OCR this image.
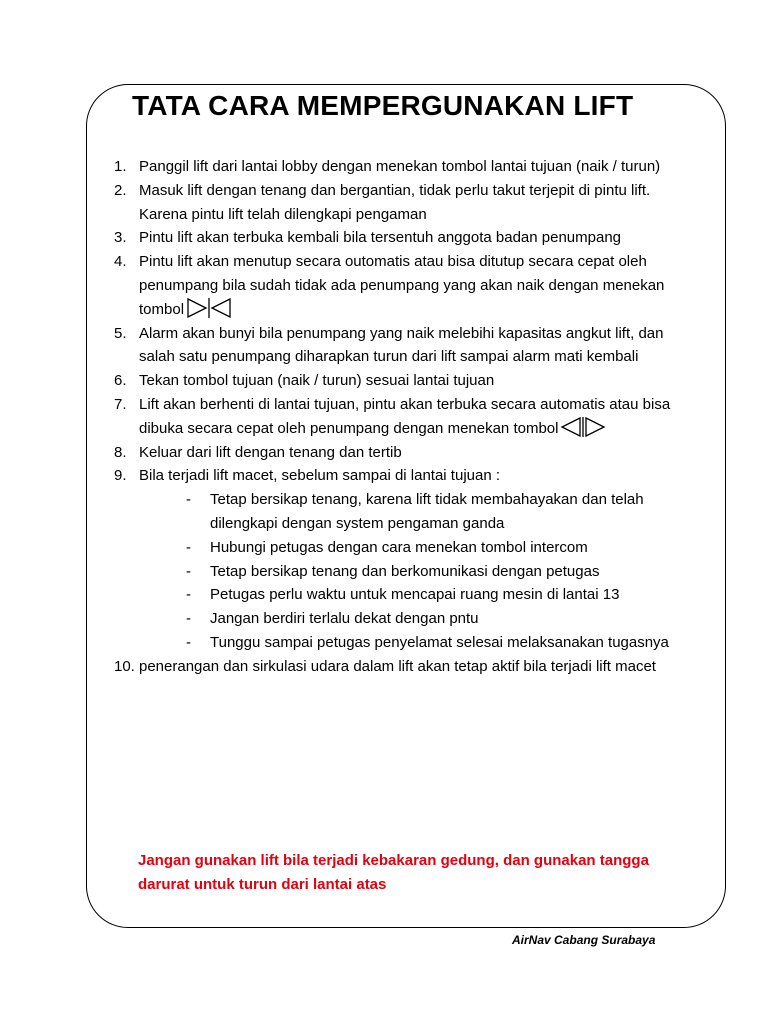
TATA CARA MEMPERGUNAKAN LIFT
1. Panggil lift dari lantai lobby dengan menekan tombol lantai tujuan (naik / turun)
2. Masuk lift dengan tenang dan bergantian, tidak perlu takut terjepit di pintu lift. Karena pintu lift telah dilengkapi pengaman
3. Pintu lift akan terbuka kembali bila tersentuh anggota badan penumpang
4. Pintu lift akan menutup secara outomatis atau bisa ditutup secara cepat oleh penumpang bila sudah tidak ada penumpang yang akan naik dengan menekan tombol
5. Alarm akan bunyi bila penumpang yang naik melebihi kapasitas angkut lift, dan salah satu penumpang diharapkan turun dari lift sampai alarm mati kembali
6. Tekan tombol tujuan (naik / turun) sesuai lantai tujuan
7. Lift akan berhenti di lantai tujuan, pintu akan terbuka secara automatis atau bisa dibuka secara cepat oleh penumpang dengan menekan tombol
8. Keluar dari lift dengan tenang dan tertib
9. Bila terjadi lift macet, sebelum sampai di lantai tujuan :
-	Tetap bersikap tenang, karena lift tidak membahayakan dan telah dilengkapi dengan system pengaman ganda
-	Hubungi petugas dengan cara menekan tombol intercom
-	Tetap bersikap tenang dan berkomunikasi dengan petugas
-	Petugas perlu waktu untuk mencapai ruang mesin di lantai 13
-	Jangan berdiri terlalu dekat dengan pntu
-	Tunggu sampai petugas penyelamat selesai melaksanakan tugasnya
10. penerangan dan sirkulasi udara dalam lift akan tetap aktif bila terjadi lift macet
Jangan gunakan lift bila terjadi kebakaran gedung, dan gunakan tangga darurat untuk turun dari lantai atas
AirNav Cabang Surabaya
